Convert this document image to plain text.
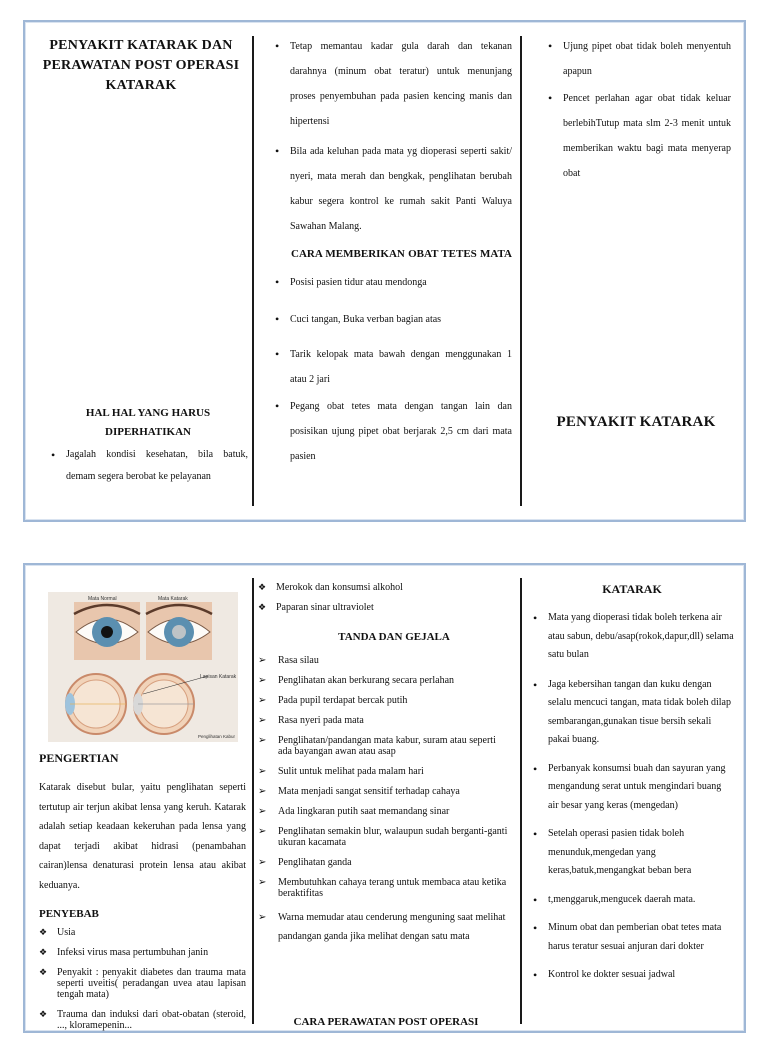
PENYAKIT KATARAK DAN PERAWATAN POST OPERASI KATARAK
HAL HAL YANG HARUS
DIPERHATIKAN
• Jagalah kondisi kesehatan, bila batuk, demam segera berobat ke pelayanan
• Tetap memantau kadar gula darah dan tekanan darahnya (minum obat teratur) untuk menunjang proses penyembuhan pada pasien kencing manis dan hipertensi
• Bila ada keluhan pada mata yg dioperasi seperti sakit/ nyeri, mata merah dan bengkak, penglihatan berubah kabur segera kontrol ke rumah sakit Panti Waluya Sawahan Malang.
CARA MEMBERIKAN OBAT TETES MATA
• Posisi pasien tidur atau mendonga
• Cuci tangan, Buka verban bagian atas
• Tarik kelopak mata bawah dengan menggunakan 1 atau 2 jari
• Pegang obat tetes mata dengan tangan lain dan posisikan ujung pipet obat berjarak 2,5 cm dari mata pasien
• Ujung pipet obat tidak boleh menyentuh apapun
• Pencet perlahan agar obat tidak keluar berlebihTutup mata slm 2-3 menit untuk memberikan waktu bagi mata menyerap obat
PENYAKIT KATARAK
Mata Normal	Mata Katarak
Lapisan Katarak
Penglihatan Kabur
PENGERTIAN

Katarak disebut bular, yaitu penglihatan seperti tertutup air terjun akibat lensa yang keruh. Katarak adalah setiap keadaan kekeruhan pada lensa yang dapat terjadi akibat hidrasi (penambahan cairan)lensa denaturasi protein lensa atau akibat keduanya.

PENYEBAB
❖ Usia
❖ Infeksi virus masa pertumbuhan janin
❖ Penyakit : penyakit diabetes dan trauma mata seperti uveitis( peradangan uvea atau lapisan tengah mata)
❖ Trauma dan induksi dari obat-obatan (steroid, ..., kloramepenin...
❖ Merokok dan konsumsi alkohol
❖ Paparan sinar ultraviolet
TANDA DAN GEJALA
➢ Rasa silau
➢ Penglihatan akan berkurang secara perlahan
➢ Pada pupil terdapat bercak putih
➢ Rasa nyeri pada mata
➢ Penglihatan/pandangan mata kabur, suram atau seperti ada bayangan awan atau asap
➢ Sulit untuk melihat pada malam hari
➢ Mata menjadi sangat sensitif terhadap cahaya
➢ Ada lingkaran putih saat memandang sinar
➢ Penglihatan semakin blur, walaupun sudah berganti-ganti ukuran kacamata
➢ Penglihatan ganda
➢ Membutuhkan cahaya terang untuk membaca atau ketika beraktifitas
➢ Warna memudar atau cenderung menguning saat melihat pandangan ganda jika melihat dengan satu mata
CARA PERAWATAN POST OPERASI
KATARAK
• Mata yang dioperasi tidak boleh terkena air atau sabun, debu/asap(rokok,dapur,dll) selama satu bulan
• Jaga kebersihan tangan dan kuku dengan selalu mencuci tangan, mata tidak boleh dilap sembarangan,gunakan tisue bersih sekali pakai buang.
• Perbanyak konsumsi buah dan sayuran yang mengandung serat untuk mengindari buang air besar yang keras (mengedan)
• Setelah operasi pasien tidak boleh menunduk,mengedan yang keras,batuk,mengangkat beban bera
• t,menggaruk,mengucek daerah mata.
• Minum obat dan pemberian obat tetes mata harus teratur sesuai anjuran dari dokter
• Kontrol ke dokter sesuai jadwal
